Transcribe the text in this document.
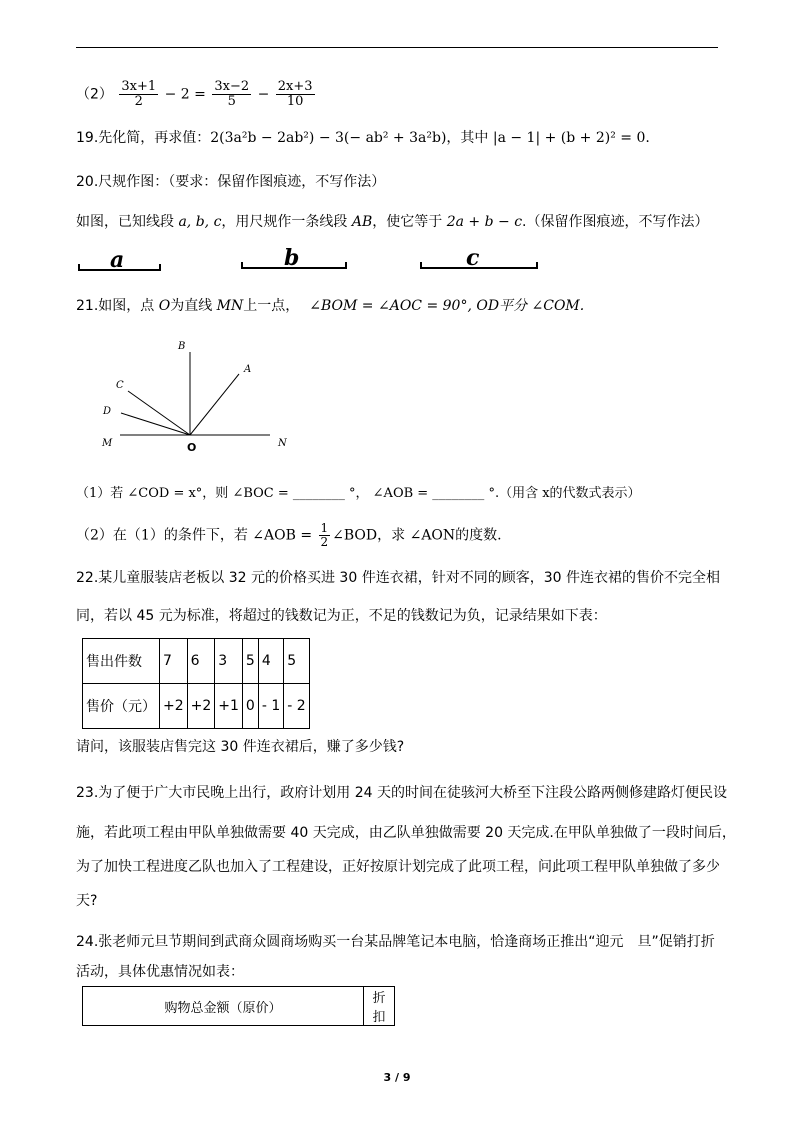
$(2) \frac{3x+1}{2} - 2 = \frac{3x-2}{5} - \frac{2x+3}{10}$
19.先化简，再求值：2(3a²b − 2ab²) − 3(− ab² + 3a²b)，其中 |a − 1| + (b + 2)² = 0.
20.尺规作图：（要求：保留作图痕迹，不写作法）
如图，已知线段 a, b, c，用尺规作一条线段 AB，使它等于 2a + b − c.（保留作图痕迹，不写作法）
a	b	c
21.如图，点 O为直线 MN上一点， ∠BOM = ∠AOC = 90°, OD平分 ∠COM.
B
A
C
D
M	O	N
（1）若 ∠COD = x°，则 ∠BOC = ________ °， ∠AOB = ________ °.（用含 x的代数式表示）
（2）在（1）的条件下，若 ∠AOB = $\frac{1}{2}$ ∠BOD，求 ∠AON的度数.
22.某儿童服装店老板以 32 元的价格买进 30 件连衣裙，针对不同的顾客，30 件连衣裙的售价不完全相
同，若以 45 元为标准，将超过的钱数记为正，不足的钱数记为负，记录结果如下表：
售出件数	7	6	3	5	4	5
售价（元）	+2	+2	+1	0	- 1	- 2
请问，该服装店售完这 30 件连衣裙后，赚了多少钱?
23.为了便于广大市民晚上出行，政府计划用 24 天的时间在徒骇河大桥至下注段公路两侧修建路灯便民设
施，若此项工程由甲队单独做需要 40 天完成，由乙队单独做需要 20 天完成.在甲队单独做了一段时间后，
为了加快工程进度乙队也加入了工程建设，正好按原计划完成了此项工程，问此项工程甲队单独做了多少
天?
24.张老师元旦节期间到武商众圆商场购买一台某品牌笔记本电脑，恰逢商场正推出“迎元　旦”促销打折
活动，具体优惠情况如表：
购物总金额（原价）	折扣
3 / 9
